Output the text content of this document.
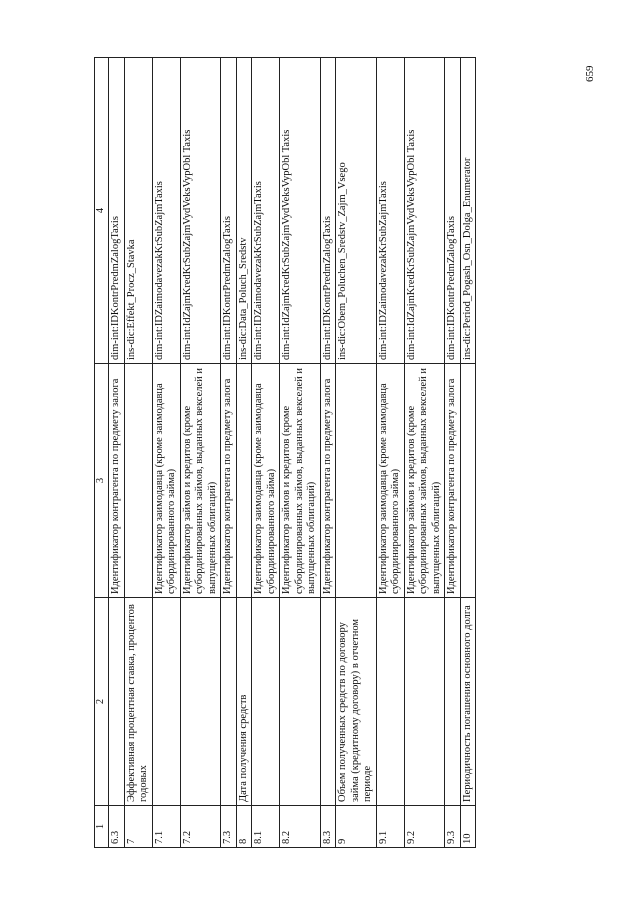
1	2	3	4
6.3		Идентификатор контрагента по предмету залога	dim-int:IDKontrPredmZalogTaxis
7	Эффективная процентная ставка, процентов годовых		ins-dic:Effekt_Procz_Stavka
7.1		Идентификатор заимодавца (кроме заимодавца субординированного займа)	dim-int:IDZaimodavezakKrSubZajmTaxis
7.2		Идентификатор займов и кредитов (кроме субординированных займов, выданных векселей и выпущенных облигаций)	dim-int:IdZajmKredKrSubZajmVydVeksVypObl Taxis
7.3		Идентификатор контрагента по предмету залога	dim-int:IDKontrPredmZalogTaxis
8	Дата получения средств		ins-dic:Data_Poluch_Sredstv
8.1		Идентификатор заимодавца (кроме заимодавца субординированного займа)	dim-int:IDZaimodavezakKrSubZajmTaxis
8.2		Идентификатор займов и кредитов (кроме субординированных займов, выданных векселей и выпущенных облигаций)	dim-int:IdZajmKredKrSubZajmVydVeksVypObl Taxis
8.3		Идентификатор контрагента по предмету залога	dim-int:IDKontrPredmZalogTaxis
9	Объем полученных средств по договору займа (кредитному договору) в отчетном периоде		ins-dic:Obem_Poluchen_Sredstv_Zajm_Vsego
9.1		Идентификатор заимодавца (кроме заимодавца субординированного займа)	dim-int:IDZaimodavezakKrSubZajmTaxis
9.2		Идентификатор займов и кредитов (кроме субординированных займов, выданных векселей и выпущенных облигаций)	dim-int:IdZajmKredKrSubZajmVydVeksVypObl Taxis
9.3		Идентификатор контрагента по предмету залога	dim-int:IDKontrPredmZalogTaxis
10	Периодичность погашения основного долга		ins-dic:Period_Pogash_Osn_Dolga_Enumerator
659
